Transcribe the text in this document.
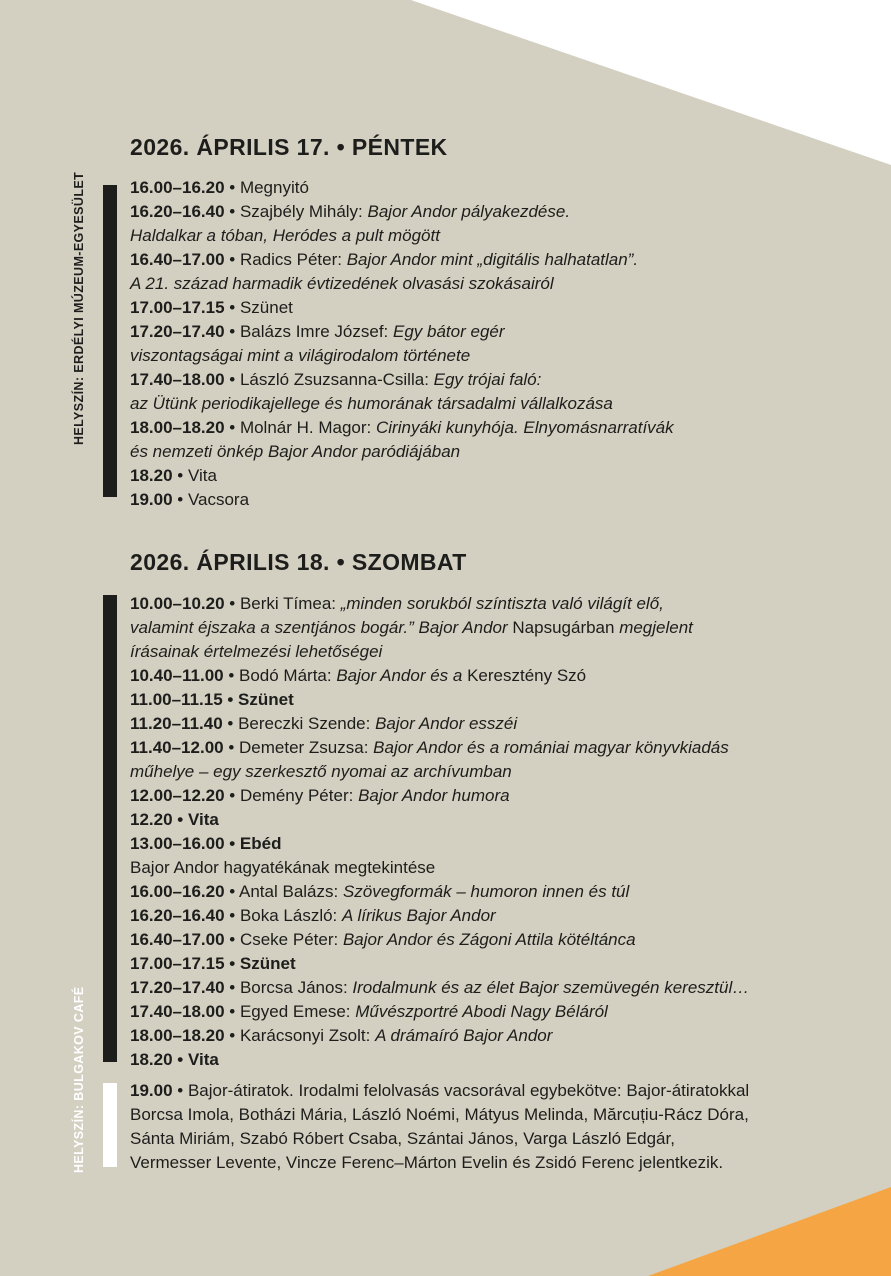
HELYSZÍN: ERDÉLYI MÚZEUM-EGYESÜLET
2026. ÁPRILIS 17. • PÉNTEK
16.00–16.20 • Megnyitó
16.20–16.40 • Szajbély Mihály: Bajor Andor pályakezdése.
Haldalkar a tóban, Heródes a pult mögött
16.40–17.00 • Radics Péter: Bajor Andor mint „digitális halhatatlan”.
A 21. század harmadik évtizedének olvasási szokásairól
17.00–17.15 • Szünet
17.20–17.40 • Balázs Imre József: Egy bátor egér
viszontagságai mint a világirodalom története
17.40–18.00 • László Zsuzsanna-Csilla: Egy trójai faló:
az Ütünk periodikajellege és humorának társadalmi vállalkozása
18.00–18.20 • Molnár H. Magor: Cirinyáki kunyhója. Elnyomásnarratívák
és nemzeti önkép Bajor Andor paródiájában
18.20 • Vita
19.00 • Vacsora
2026. ÁPRILIS 18. • SZOMBAT
10.00–10.20 • Berki Tímea: „minden sorukból színtiszta való világít elő,
valamint éjszaka a szentjános bogár.” Bajor Andor Napsugárban megjelent
írásainak értelmezési lehetőségei
10.40–11.00 • Bodó Márta: Bajor Andor és a Keresztény Szó
11.00–11.15 • Szünet
11.20–11.40 • Bereczki Szende: Bajor Andor esszéi
11.40–12.00 • Demeter Zsuzsa: Bajor Andor és a romániai magyar könyvkiadás
műhelye – egy szerkesztő nyomai az archívumban
12.00–12.20 • Demény Péter: Bajor Andor humora
12.20 • Vita
13.00–16.00 • Ebéd
Bajor Andor hagyatékának megtekintése
16.00–16.20 • Antal Balázs: Szövegformák – humoron innen és túl
16.20–16.40 • Boka László: A lírikus Bajor Andor
16.40–17.00 • Cseke Péter: Bajor Andor és Zágoni Attila kötéltánca
17.00–17.15 • Szünet
17.20–17.40 • Borcsa János: Irodalmunk és az élet Bajor szemüvegén keresztül…
17.40–18.00 • Egyed Emese: Művészportré Abodi Nagy Béláról
18.00–18.20 • Karácsonyi Zsolt: A drámaíró Bajor Andor
18.20 • Vita
HELYSZÍN: BULGAKOV CAFÉ	19.00 • Bajor-átiratok. Irodalmi felolvasás vacsorával egybekötve: Bajor-átiratokkal
Borcsa Imola, Botházi Mária, László Noémi, Mátyus Melinda, Mărcuțiu-Rácz Dóra,
Sánta Miriám, Szabó Róbert Csaba, Szántai János, Varga László Edgár,
Vermesser Levente, Vincze Ferenc–Márton Evelin és Zsidó Ferenc jelentkezik.
